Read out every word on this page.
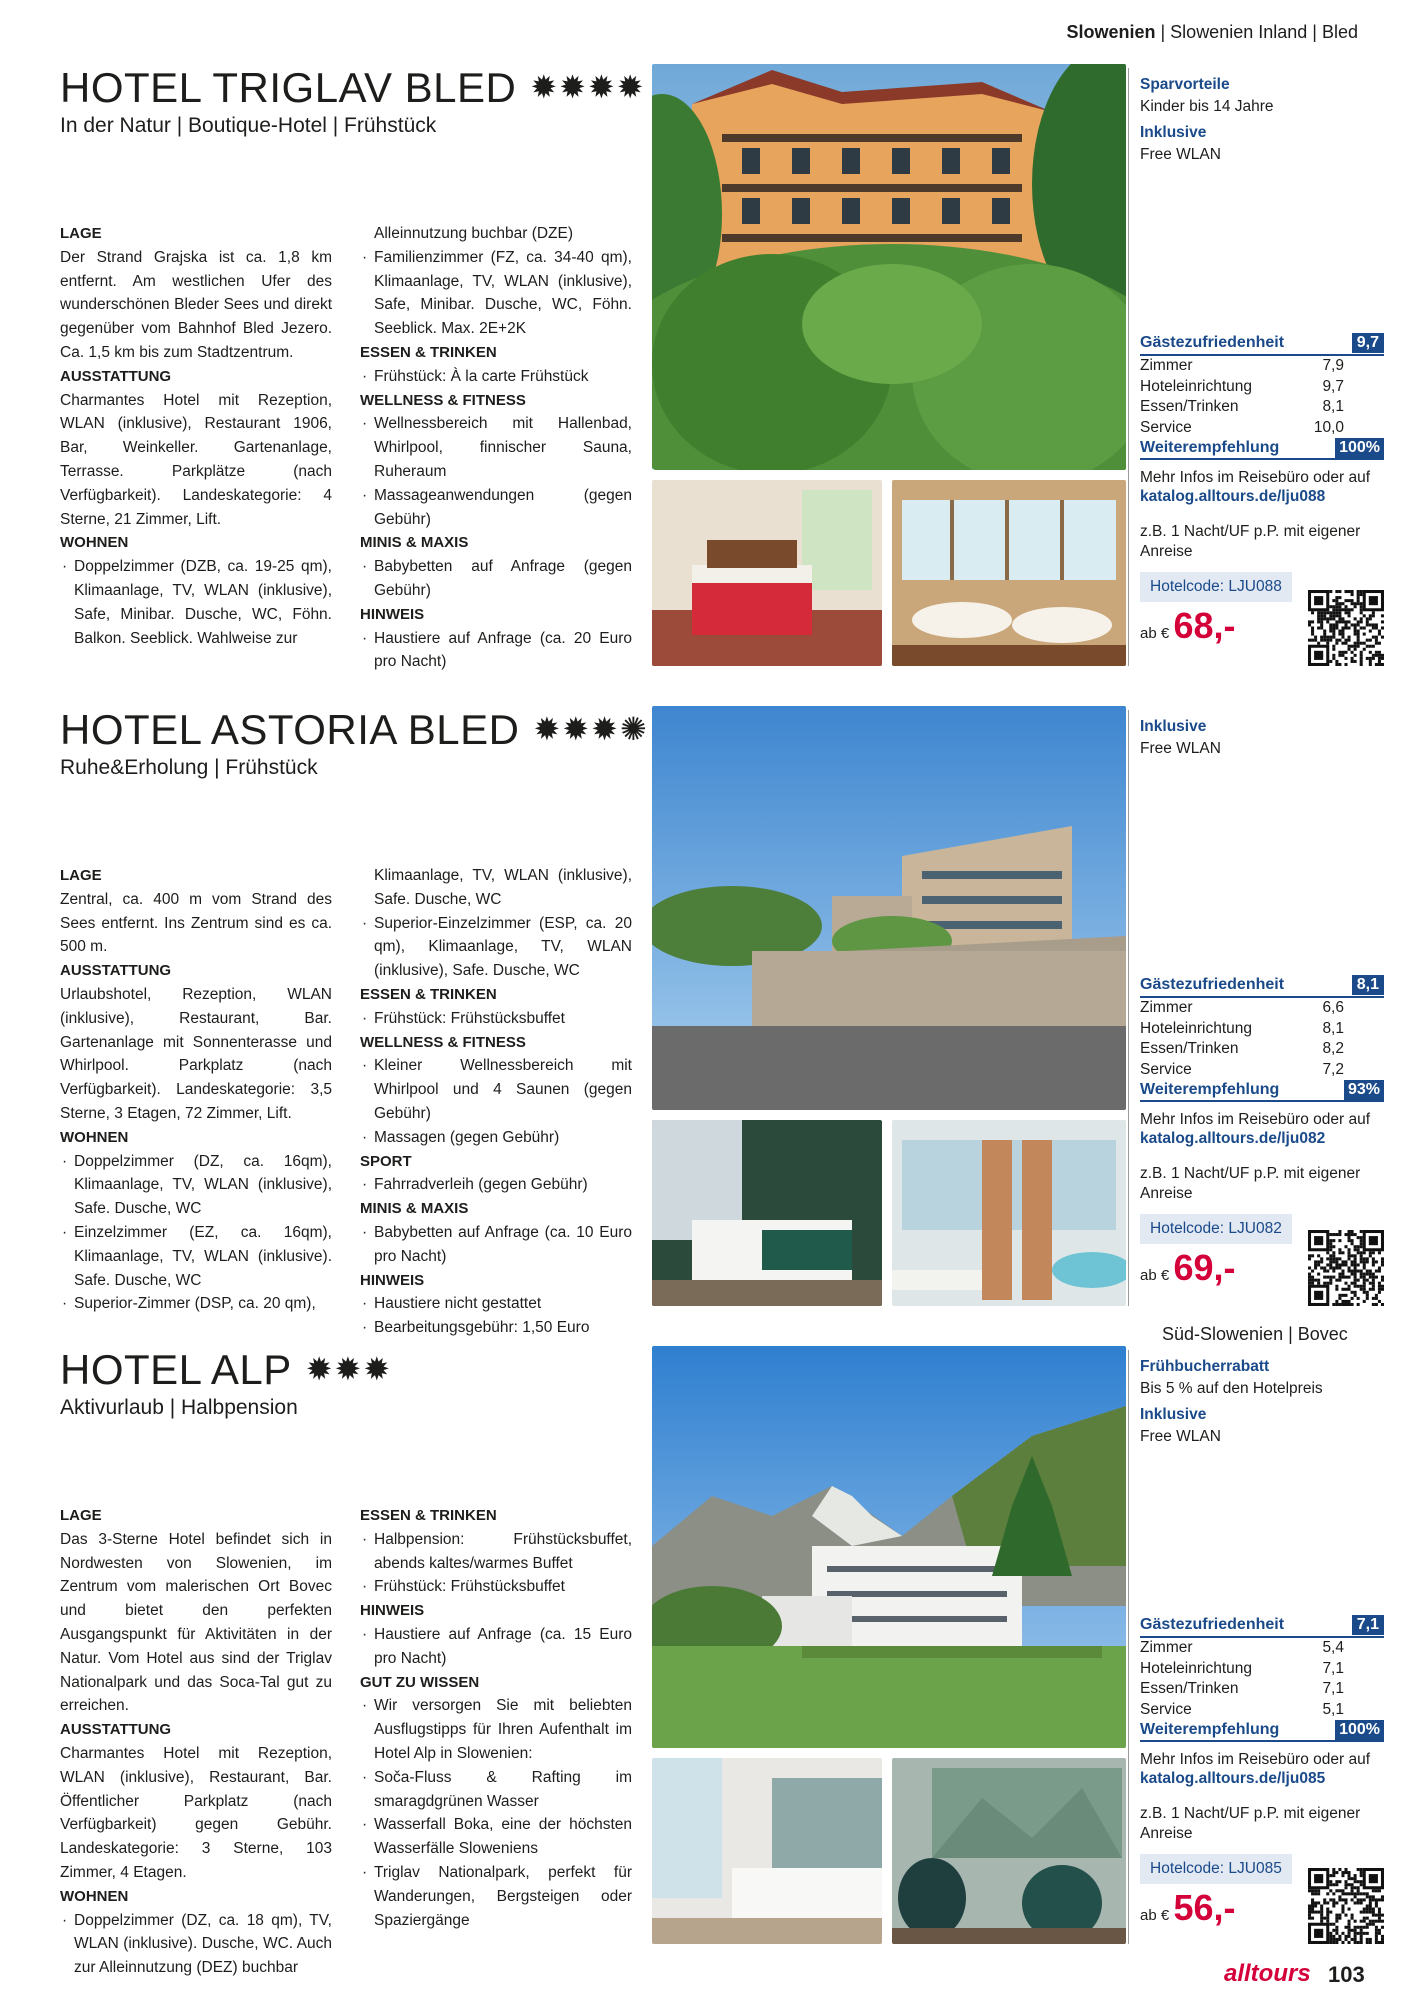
Slowenien | Slowenien Inland | Bled
HOTEL TRIGLAV BLED ✹✹✹✹
In der Natur | Boutique-Hotel | Frühstück
LAGE
Der Strand Grajska ist ca. 1,8 km entfernt. Am westlichen Ufer des wunderschönen Bleder Sees und direkt gegenüber vom Bahnhof Bled Jezero. Ca. 1,5 km bis zum Stadtzentrum.
AUSSTATTUNG
Charmantes Hotel mit Rezeption, WLAN (inklusive), Restaurant 1906, Bar, Weinkeller. Gartenanlage, Terrasse. Parkplätze (nach Verfügbarkeit). Landeskategorie: 4 Sterne, 21 Zimmer, Lift.
WOHNEN
· Doppelzimmer (DZB, ca. 19-25 qm), Klimaanlage, TV, WLAN (inklusive), Safe, Minibar. Dusche, WC, Föhn. Balkon. Seeblick. Wahlweise zur
Alleinnutzung buchbar (DZE)
· Familienzimmer (FZ, ca. 34-40 qm), Klimaanlage, TV, WLAN (inklusive), Safe, Minibar. Dusche, WC, Föhn. Seeblick. Max. 2E+2K
ESSEN & TRINKEN
· Frühstück: À la carte Frühstück
WELLNESS & FITNESS
· Wellnessbereich mit Hallenbad, Whirlpool, finnischer Sauna, Ruheraum
· Massageanwendungen (gegen Gebühr)
MINIS & MAXIS
· Babybetten auf Anfrage (gegen Gebühr)
HINWEIS
· Haustiere auf Anfrage (ca. 20 Euro pro Nacht)
Sparvorteile
Kinder bis 14 Jahre
Inklusive
Free WLAN
Gästezufriedenheit	9,7
Zimmer	7,9
Hoteleinrichtung	9,7
Essen/Trinken	8,1
Service	10,0
Weiterempfehlung	100%
Mehr Infos im Reisebüro oder auf
katalog.alltours.de/lju088
z.B. 1 Nacht/UF p.P. mit eigener Anreise
Hotelcode: LJU088
ab € 68,-
HOTEL ASTORIA BLED ✹✹✹✺
Ruhe&Erholung | Frühstück
LAGE
Zentral, ca. 400 m vom Strand des Sees entfernt. Ins Zentrum sind es ca. 500 m.
AUSSTATTUNG
Urlaubshotel, Rezeption, WLAN (inklusive), Restaurant, Bar. Gartenanlage mit Sonnenterasse und Whirlpool. Parkplatz (nach Verfügbarkeit). Landeskategorie: 3,5 Sterne, 3 Etagen, 72 Zimmer, Lift.
WOHNEN
· Doppelzimmer (DZ, ca. 16qm), Klimaanlage, TV, WLAN (inklusive), Safe. Dusche, WC
· Einzelzimmer (EZ, ca. 16qm), Klimaanlage, TV, WLAN (inklusive). Safe. Dusche, WC
· Superior-Zimmer (DSP, ca. 20 qm),
Klimaanlage, TV, WLAN (inklusive), Safe. Dusche, WC
· Superior-Einzelzimmer (ESP, ca. 20 qm), Klimaanlage, TV, WLAN (inklusive), Safe. Dusche, WC
ESSEN & TRINKEN
· Frühstück: Frühstücksbuffet
WELLNESS & FITNESS
· Kleiner Wellnessbereich mit Whirlpool und 4 Saunen (gegen Gebühr)
· Massagen (gegen Gebühr)
SPORT
· Fahrradverleih (gegen Gebühr)
MINIS & MAXIS
· Babybetten auf Anfrage (ca. 10 Euro pro Nacht)
HINWEIS
· Haustiere nicht gestattet
· Bearbeitungsgebühr: 1,50 Euro
Inklusive
Free WLAN
Gästezufriedenheit	8,1
Zimmer	6,6
Hoteleinrichtung	8,1
Essen/Trinken	8,2
Service	7,2
Weiterempfehlung	93%
Mehr Infos im Reisebüro oder auf
katalog.alltours.de/lju082
z.B. 1 Nacht/UF p.P. mit eigener Anreise
Hotelcode: LJU082
ab € 69,-
Süd-Slowenien | Bovec
HOTEL ALP ✹✹✹
Aktivurlaub | Halbpension
LAGE
Das 3-Sterne Hotel befindet sich in Nordwesten von Slowenien, im Zentrum vom malerischen Ort Bovec und bietet den perfekten Ausgangspunkt für Aktivitäten in der Natur. Vom Hotel aus sind der Triglav Nationalpark und das Soca-Tal gut zu erreichen.
AUSSTATTUNG
Charmantes Hotel mit Rezeption, WLAN (inklusive), Restaurant, Bar. Öffentlicher Parkplatz (nach Verfügbarkeit) gegen Gebühr. Landeskategorie: 3 Sterne, 103 Zimmer, 4 Etagen.
WOHNEN
· Doppelzimmer (DZ, ca. 18 qm), TV, WLAN (inklusive). Dusche, WC. Auch zur Alleinnutzung (DEZ) buchbar
ESSEN & TRINKEN
· Halbpension: Frühstücksbuffet, abends kaltes/warmes Buffet
· Frühstück: Frühstücksbuffet
HINWEIS
· Haustiere auf Anfrage (ca. 15 Euro pro Nacht)
GUT ZU WISSEN
· Wir versorgen Sie mit beliebten Ausflugstipps für Ihren Aufenthalt im Hotel Alp in Slowenien:
· Soča-Fluss & Rafting im smaragdgrünen Wasser
· Wasserfall Boka, eine der höchsten Wasserfälle Sloweniens
· Triglav Nationalpark, perfekt für Wanderungen, Bergsteigen oder Spaziergänge
Frühbucherrabatt
Bis 5 % auf den Hotelpreis
Inklusive
Free WLAN
Gästezufriedenheit	7,1
Zimmer	5,4
Hoteleinrichtung	7,1
Essen/Trinken	7,1
Service	5,1
Weiterempfehlung	100%
Mehr Infos im Reisebüro oder auf
katalog.alltours.de/lju085
z.B. 1 Nacht/UF p.P. mit eigener Anreise
Hotelcode: LJU085
ab € 56,-
alltours 103
